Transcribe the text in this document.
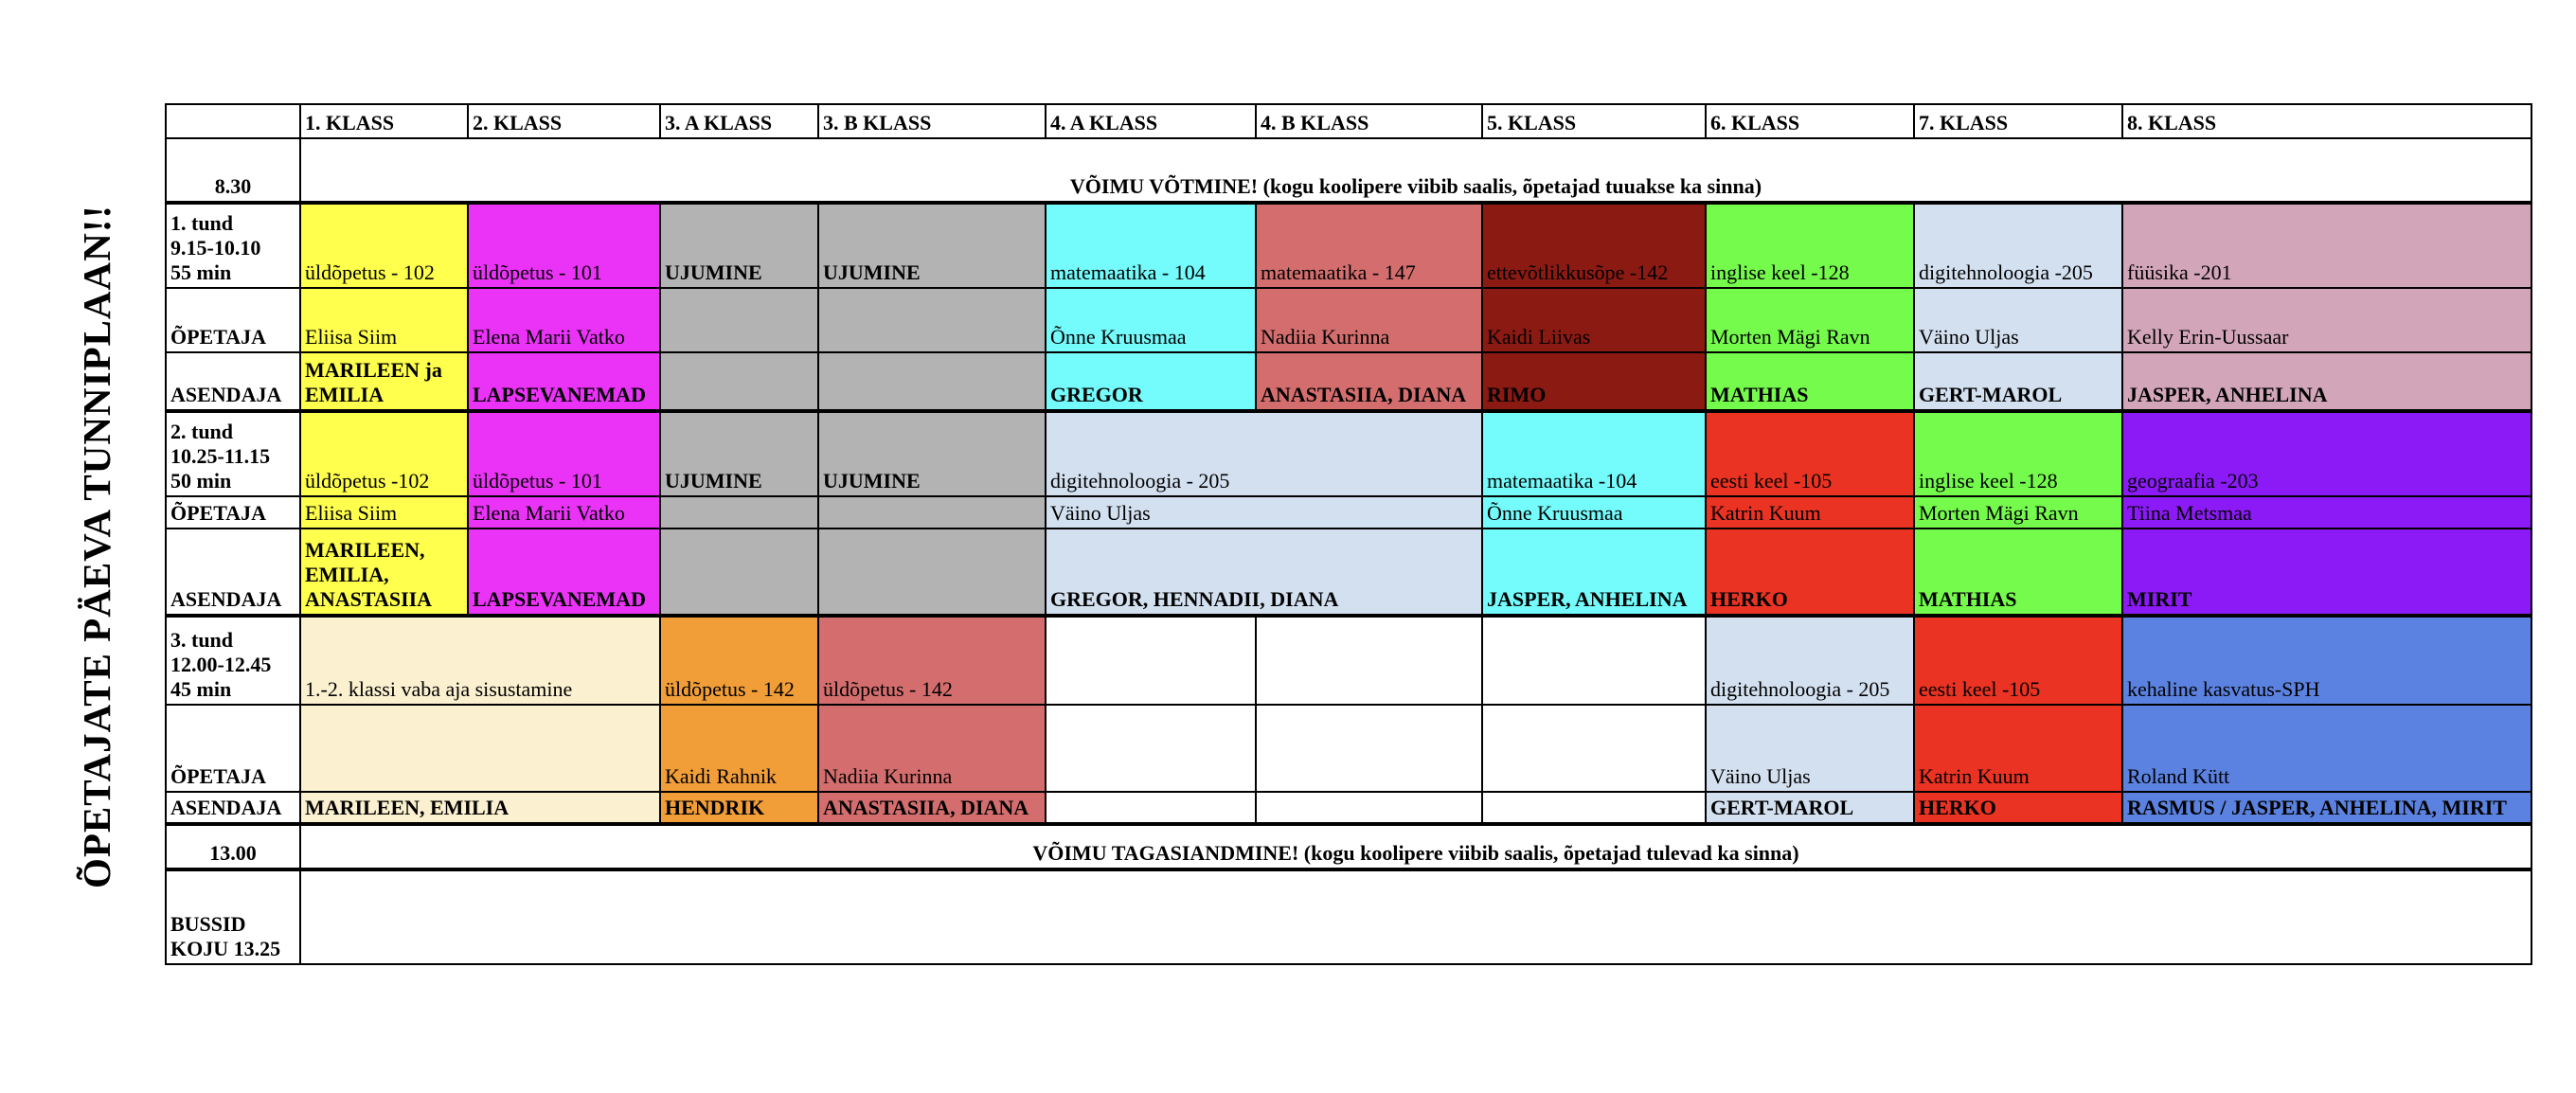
ÕPETAJATE PÄEVA TUNNIPLAAN!!
	1. KLASS	2. KLASS	3. A KLASS	3. B KLASS	4. A KLASS	4. B KLASS	5. KLASS	6. KLASS	7. KLASS	8. KLASS
8.30	VÕIMU VÕTMINE! (kogu koolipere viibib saalis, õpetajad tuuakse ka sinna)									

1. tund
9.15-10.10
55 min	üldõpetus - 102	üldõpetus - 101	UJUMINE	UJUMINE	matemaatika - 104	matemaatika - 147	ettevõtlikkusõpe -142	inglise keel -128	digitehnoloogia -205	füüsika -201
ÕPETAJA	Eliisa Siim	Elena Marii Vatko			Õnne Kruusmaa	Nadiia Kurinna	Kaidi Liivas	Morten Mägi Ravn	Väino Uljas	Kelly Erin-Uussaar
ASENDAJA	MARILEEN ja EMILIA	LAPSEVANEMAD			GREGOR	ANASTASIIA, DIANA	RIMO	MATHIAS	GERT-MAROL	JASPER, ANHELINA

2. tund
10.25-11.15
50 min	üldõpetus -102	üldõpetus - 101	UJUMINE	UJUMINE	digitehnoloogia - 205		matemaatika -104	eesti keel -105	inglise keel -128	geograafia -203
ÕPETAJA	Eliisa Siim	Elena Marii Vatko			Väino Uljas		Õnne Kruusmaa	Katrin Kuum	Morten Mägi Ravn	Tiina Metsmaa
ASENDAJA	MARILEEN, EMILIA, ANASTASIIA	LAPSEVANEMAD			GREGOR, HENNADII, DIANA		JASPER, ANHELINA	HERKO	MATHIAS	MIRIT

3. tund
12.00-12.45
45 min	1.-2. klassi vaba aja sisustamine		üldõpetus - 142	üldõpetus - 142				digitehnoloogia - 205	eesti keel -105	kehaline kasvatus-SPH
ÕPETAJA			Kaidi Rahnik	Nadiia Kurinna				Väino Uljas	Katrin Kuum	Roland Kütt
ASENDAJA	MARILEEN, EMILIA		HENDRIK	ANASTASIIA, DIANA				GERT-MAROL	HERKO	RASMUS / JASPER, ANHELINA, MIRIT
13.00	VÕIMU TAGASIANDMINE! (kogu koolipere viibib saalis, õpetajad tulevad ka sinna)									

BUSSID
KOJU 13.25										
